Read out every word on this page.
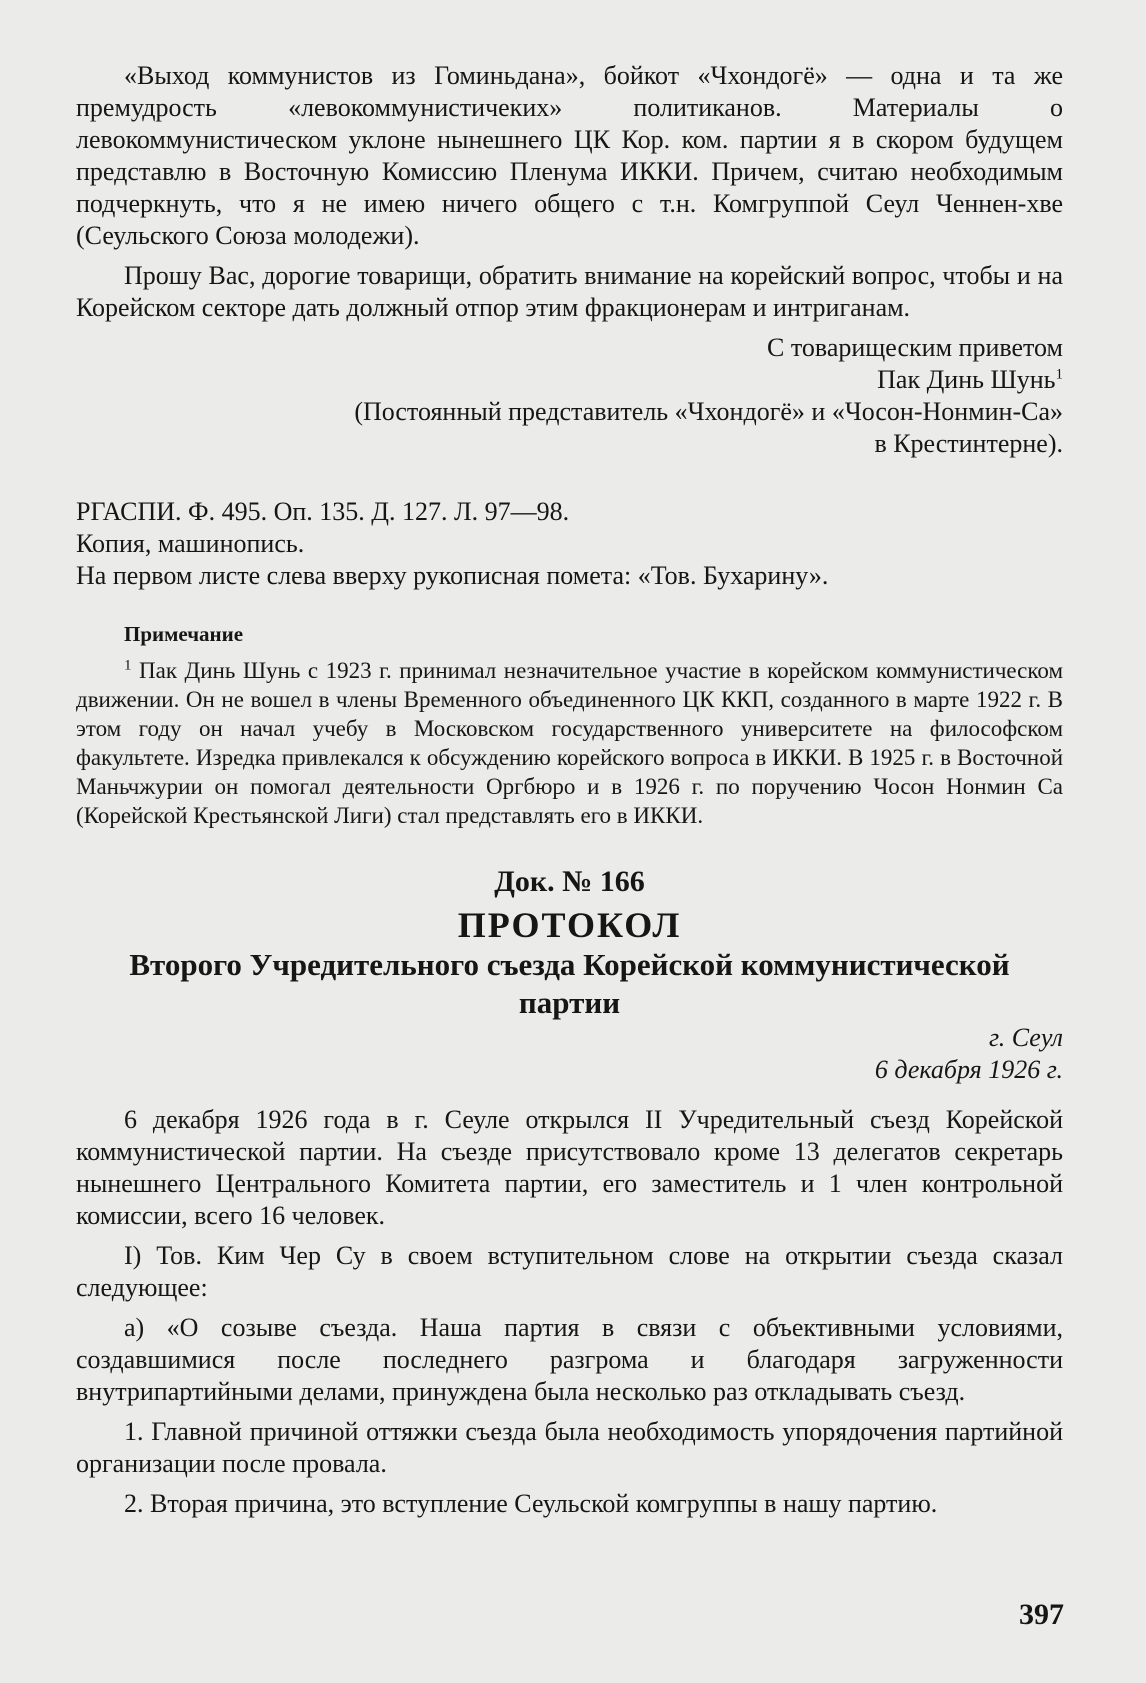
«Выход коммунистов из Гоминьдана», бойкот «Чхондогё» — одна и та же премудрость «левокоммунистичеких» политиканов. Материалы о левокоммунистическом уклоне нынешнего ЦК Кор. ком. партии я в скором будущем представлю в Восточную Комиссию Пленума ИККИ. Причем, считаю необходимым подчеркнуть, что я не имею ничего общего с т.н. Комгруппой Сеул Ченнен-хве (Сеульского Союза молодежи).

Прошу Вас, дорогие товарищи, обратить внимание на корейский вопрос, чтобы и на Корейском секторе дать должный отпор этим фракционерам и интриганам.

С товарищеским приветом

Пак Динь Шунь$^1$

(Постоянный представитель «Чхондогё» и «Чосон-Нонмин-Са»

в Крестинтерне).

РГАСПИ. Ф. 495. Оп. 135. Д. 127. Л. 97—98.

Копия, машинопись.

На первом листе слева вверху рукописная помета: «Тов. Бухарину».

Примечание

$^1$ Пак Динь Шунь с 1923 г. принимал незначительное участие в корейском коммунистическом движении. Он не вошел в члены Временного объединенного ЦК ККП, созданного в марте 1922 г. В этом году он начал учебу в Московском государственного университете на философском факультете. Изредка привлекался к обсуждению корейского вопроса в ИККИ. В 1925 г. в Восточной Маньчжурии он помогал деятельности Оргбюро и в 1926 г. по поручению Чосон Нонмин Са (Корейской Крестьянской Лиги) стал представлять его в ИККИ.

Док. № 166

ПРОТОКОЛ

Второго Учредительного съезда Корейской коммунистической партии

г. Сеул

6 декабря 1926 г.

6 декабря 1926 года в г. Сеуле открылся II Учредительный съезд Корейской коммунистической партии. На съезде присутствовало кроме 13 делегатов секретарь нынешнего Центрального Комитета партии, его заместитель и 1 член контрольной комиссии, всего 16 человек.

I) Тов. Ким Чер Су в своем вступительном слове на открытии съезда сказал следующее:

а) «О созыве съезда. Наша партия в связи с объективными условиями, создавшимися после последнего разгрома и благодаря загруженности внутрипартийными делами, принуждена была несколько раз откладывать съезд.

1. Главной причиной оттяжки съезда была необходимость упорядочения партийной организации после провала.

2. Вторая причина, это вступление Сеульской комгруппы в нашу партию.

397
